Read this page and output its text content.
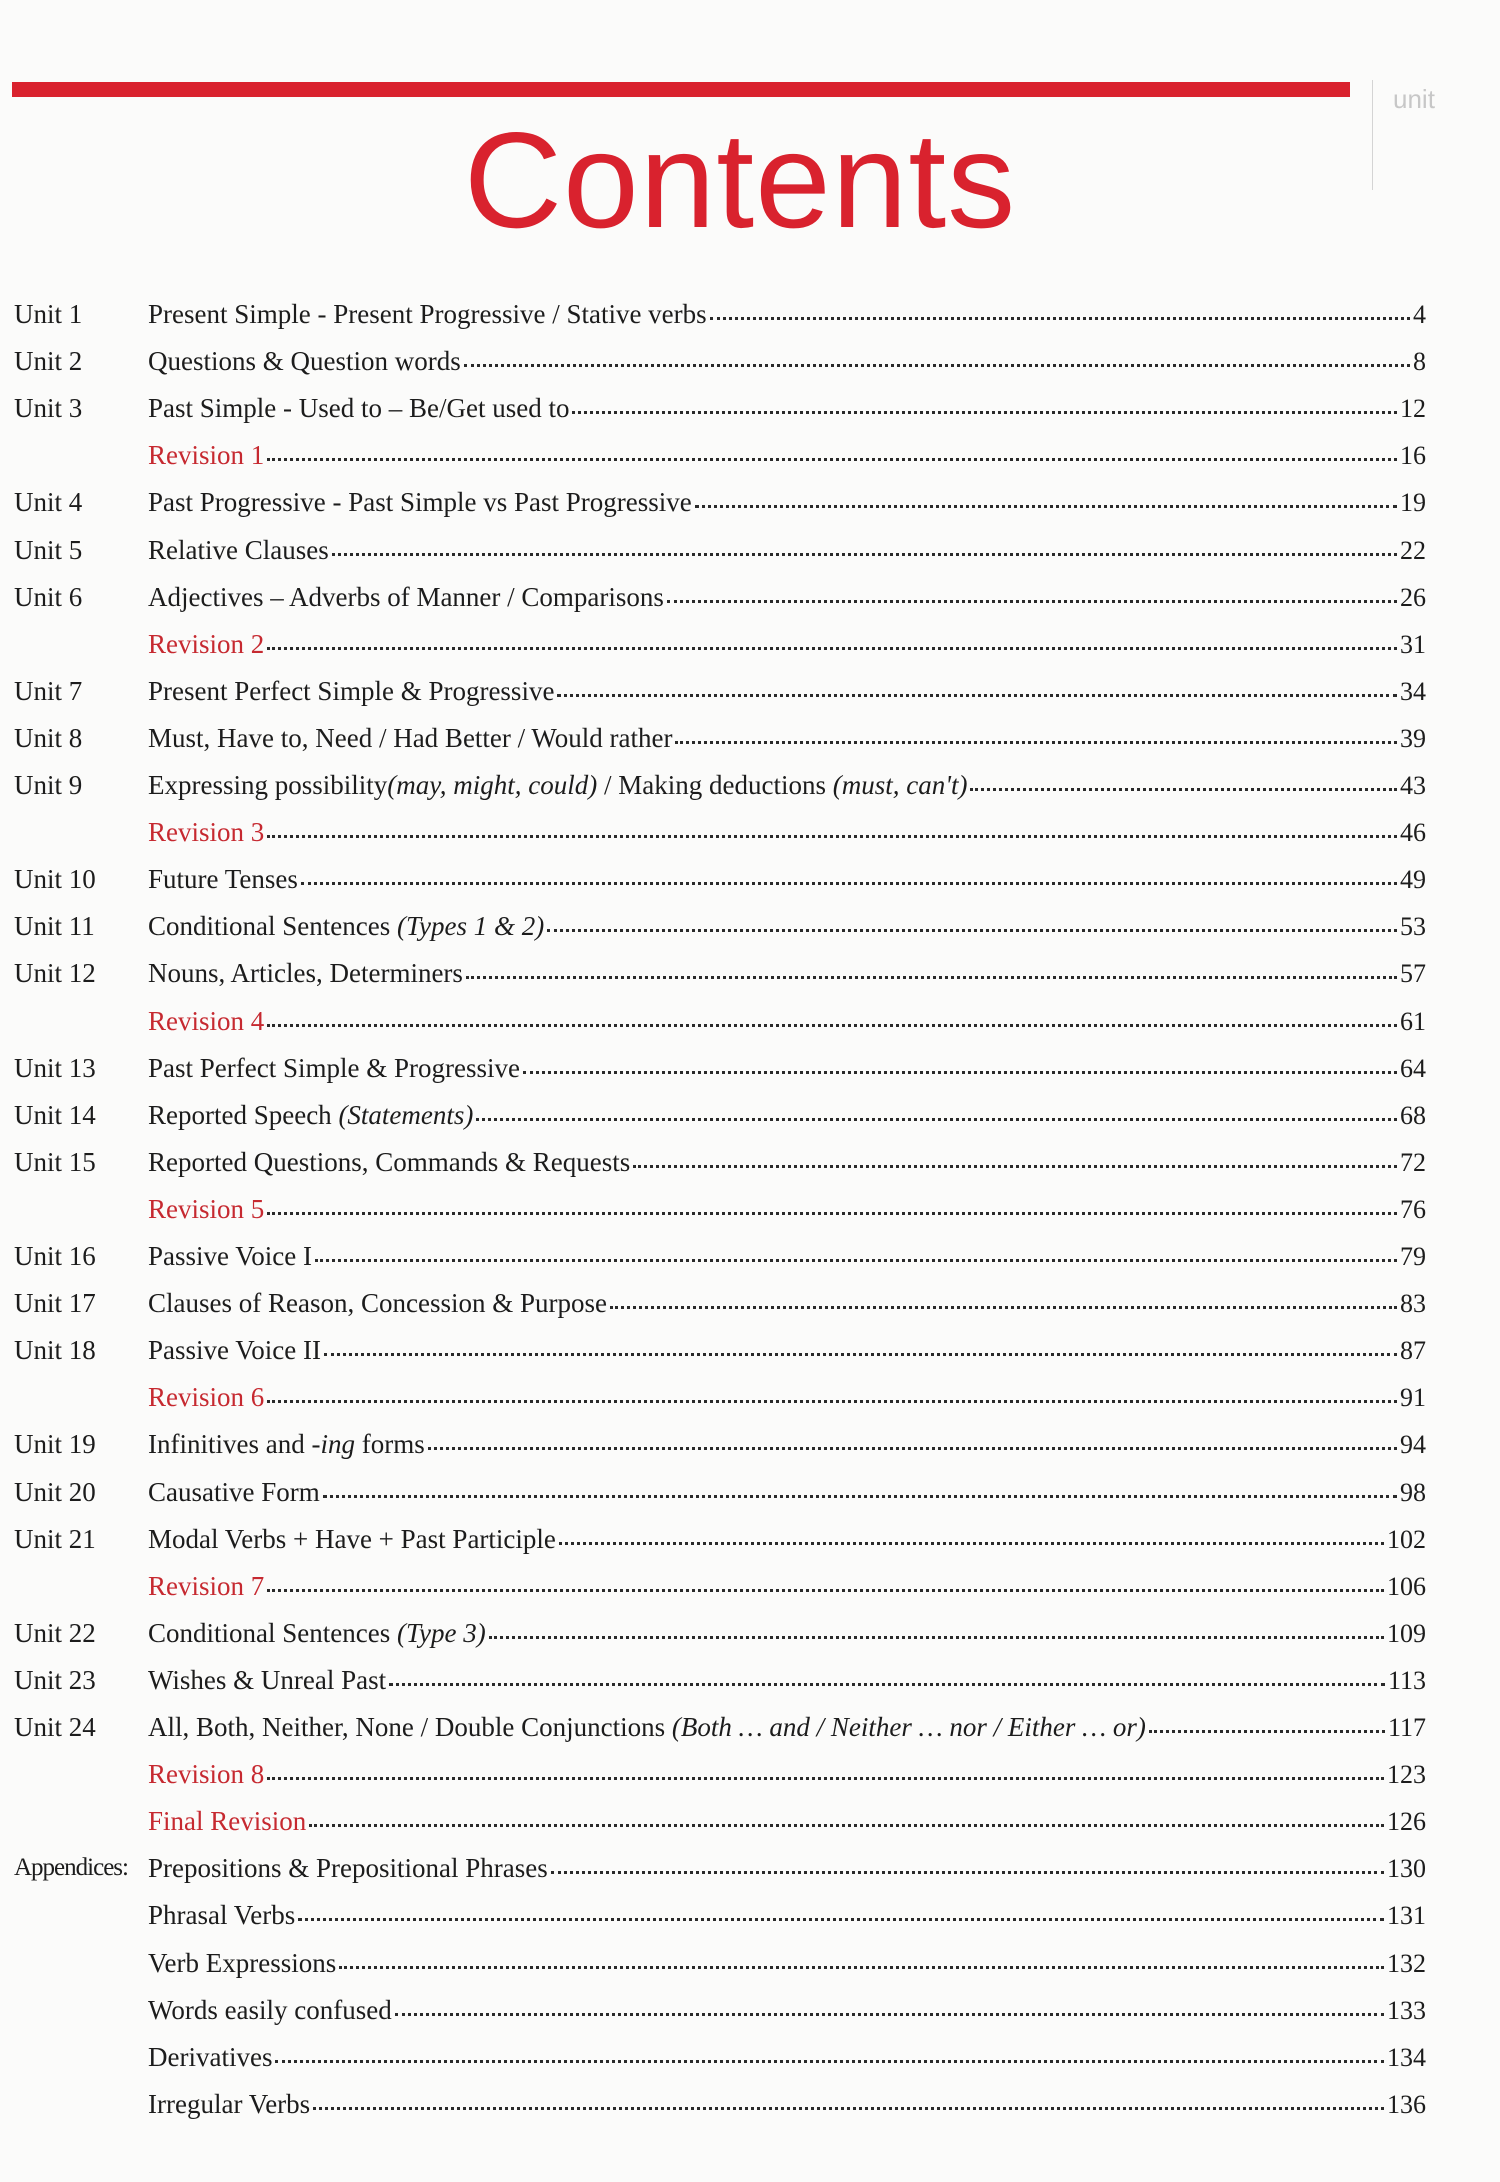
unit
Contents
Unit 1 Present Simple - Present Progressive / Stative verbs	4
Unit 2 Questions & Question words	8
Unit 3 Past Simple - Used to – Be/Get used to	12
Revision 1	16
Unit 4 Past Progressive - Past Simple vs Past Progressive	19
Unit 5 Relative Clauses	22
Unit 6 Adjectives – Adverbs of Manner / Comparisons	26
Revision 2	31
Unit 7 Present Perfect Simple & Progressive	34
Unit 8 Must, Have to, Need / Had Better / Would rather	39
Unit 9 Expressing possibility(may, might, could) / Making deductions (must, can't)	43
Revision 3	46
Unit 10 Future Tenses	49
Unit 11 Conditional Sentences (Types 1 & 2)	53
Unit 12 Nouns, Articles, Determiners	57
Revision 4	61
Unit 13 Past Perfect Simple & Progressive	64
Unit 14 Reported Speech (Statements)	68
Unit 15 Reported Questions, Commands & Requests	72
Revision 5	76
Unit 16 Passive Voice I	79
Unit 17 Clauses of Reason, Concession & Purpose	83
Unit 18 Passive Voice II	87
Revision 6	91
Unit 19 Infinitives and -ing forms	94
Unit 20 Causative Form	98
Unit 21 Modal Verbs + Have + Past Participle	102
Revision 7	106
Unit 22 Conditional Sentences (Type 3)	109
Unit 23 Wishes & Unreal Past	113
Unit 24 All, Both, Neither, None / Double Conjunctions (Both … and / Neither … nor / Either … or)	117
Revision 8	123
Final Revision	126
Appendices: Prepositions & Prepositional Phrases	130
Phrasal Verbs	131
Verb Expressions	132
Words easily confused	133
Derivatives	134
Irregular Verbs	136
